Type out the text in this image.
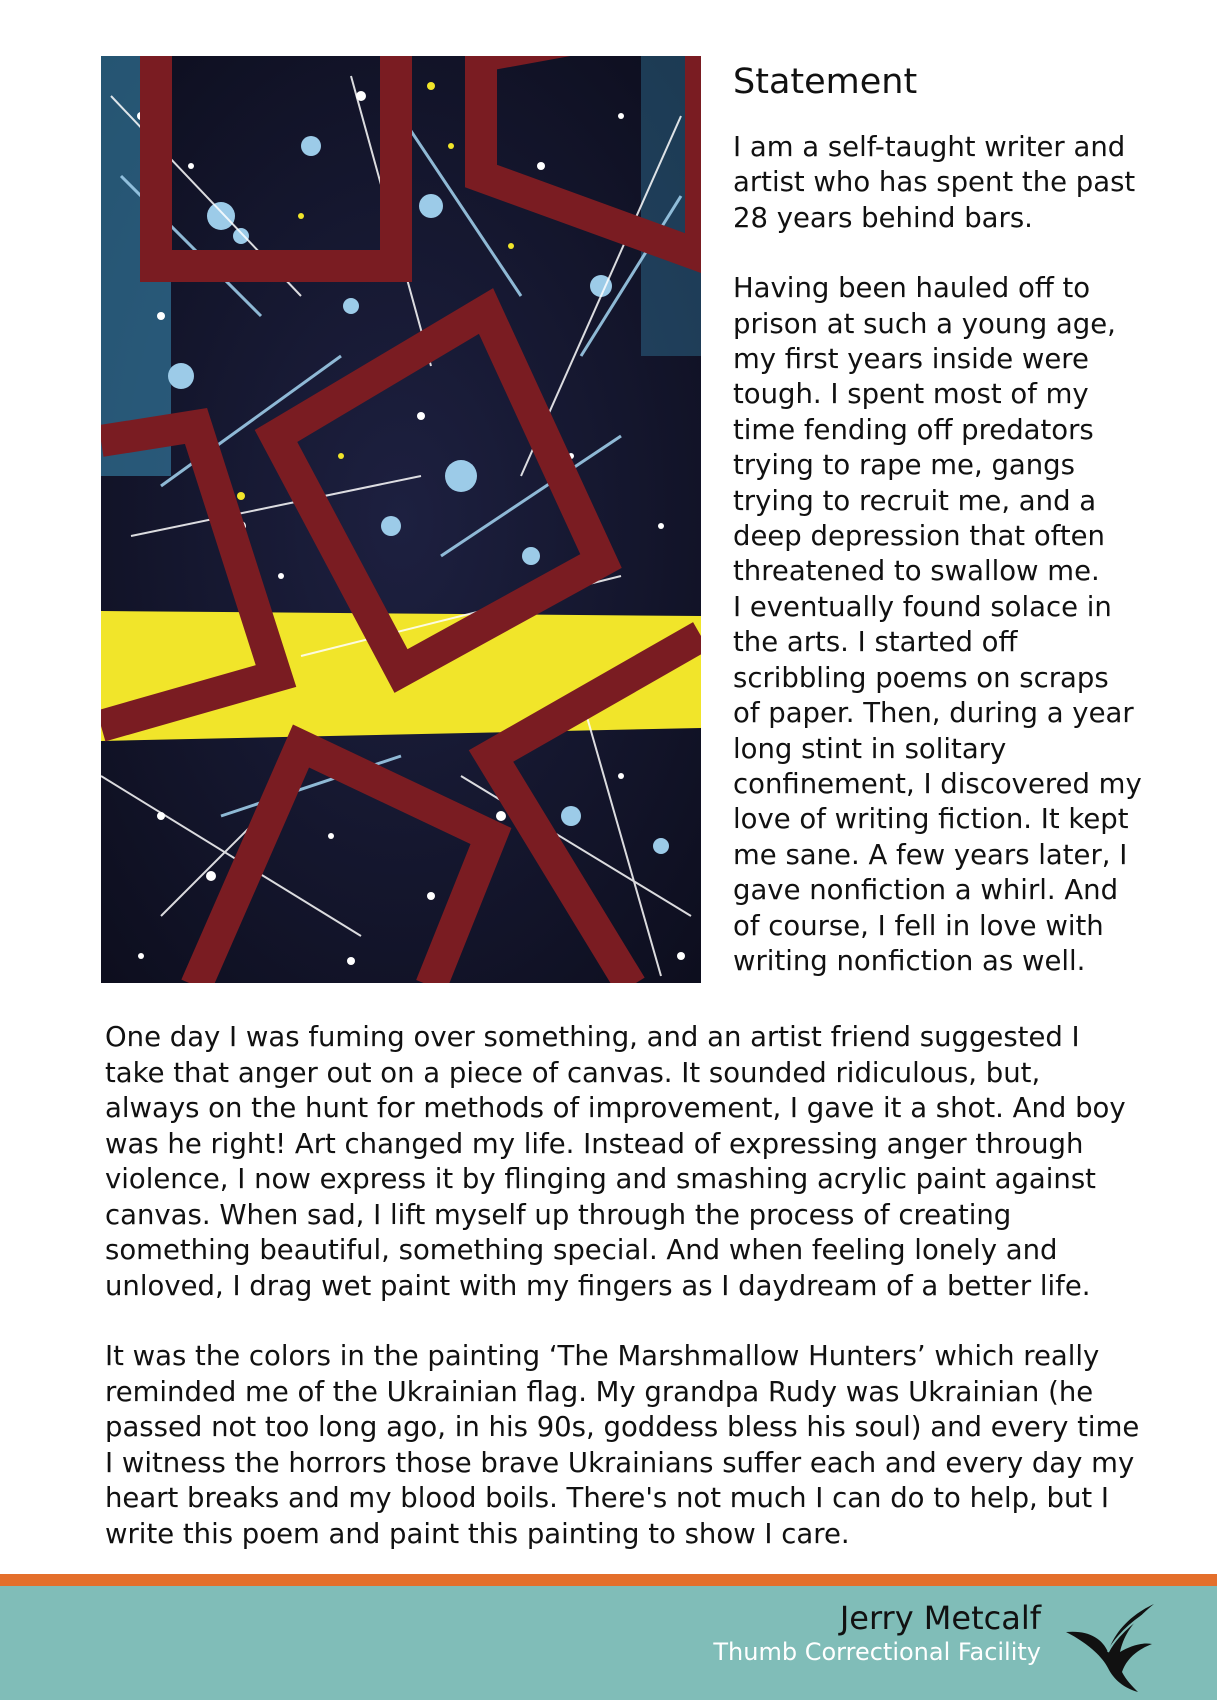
Statement

I am a self-taught writer and
artist who has spent the past
28 years behind bars.

Having been hauled off to
prison at such a young age,
my first years inside were
tough. I spent most of my
time fending off predators
trying to rape me, gangs
trying to recruit me, and a
deep depression that often
threatened to swallow me.
I eventually found solace in
the arts. I started off
scribbling poems on scraps
of paper. Then, during a year
long stint in solitary
confinement, I discovered my
love of writing fiction. It kept
me sane. A few years later, I
gave nonfiction a whirl. And
of course, I fell in love with
writing nonfiction as well.

One day I was fuming over something, and an artist friend suggested I
take that anger out on a piece of canvas. It sounded ridiculous, but,
always on the hunt for methods of improvement, I gave it a shot. And boy
was he right! Art changed my life. Instead of expressing anger through
violence, I now express it by flinging and smashing acrylic paint against
canvas. When sad, I lift myself up through the process of creating
something beautiful, something special. And when feeling lonely and
unloved, I drag wet paint with my fingers as I daydream of a better life.

It was the colors in the painting ‘The Marshmallow Hunters’ which really
reminded me of the Ukrainian flag. My grandpa Rudy was Ukrainian (he
passed not too long ago, in his 90s, goddess bless his soul) and every time
I witness the horrors those brave Ukrainians suffer each and every day my
heart breaks and my blood boils. There's not much I can do to help, but I
write this poem and paint this painting to show I care.

Jerry Metcalf
Thumb Correctional Facility
